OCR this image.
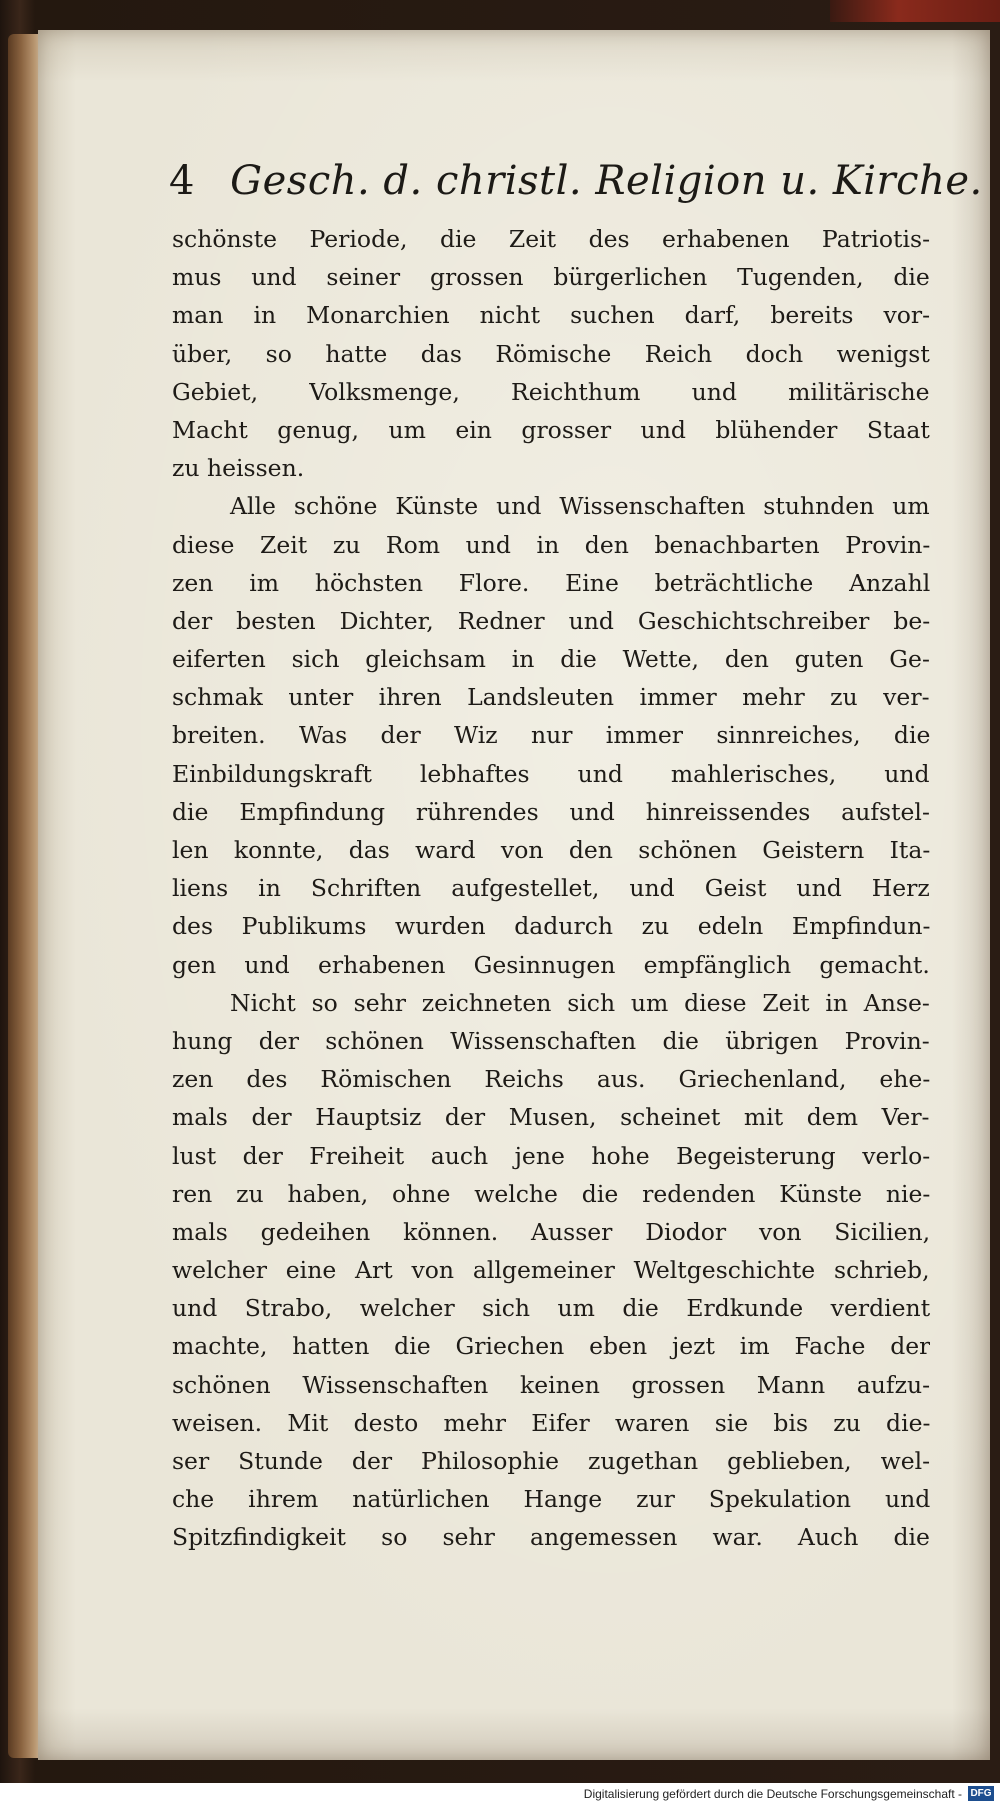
4 Gesch. d. christl. Religion u. Kirche.
schönste Periode, die Zeit des erhabenen Patriotis-
mus und seiner grossen bürgerlichen Tugenden, die
man in Monarchien nicht suchen darf, bereits vor-
über, so hatte das Römische Reich doch wenigst
Gebiet, Volksmenge, Reichthum und militärische
Macht genug, um ein grosser und blühender Staat
zu heissen.
Alle schöne Künste und Wissenschaften stuhnden um
diese Zeit zu Rom und in den benachbarten Provin-
zen im höchsten Flore. Eine beträchtliche Anzahl
der besten Dichter, Redner und Geschichtschreiber be-
eiferten sich gleichsam in die Wette, den guten Ge-
schmak unter ihren Landsleuten immer mehr zu ver-
breiten. Was der Wiz nur immer sinnreiches, die
Einbildungskraft lebhaftes und mahlerisches, und
die Empfindung rührendes und hinreissendes aufstel-
len konnte, das ward von den schönen Geistern Ita-
liens in Schriften aufgestellet, und Geist und Herz
des Publikums wurden dadurch zu edeln Empfindun-
gen und erhabenen Gesinnugen empfänglich gemacht.
Nicht so sehr zeichneten sich um diese Zeit in Anse-
hung der schönen Wissenschaften die übrigen Provin-
zen des Römischen Reichs aus. Griechenland, ehe-
mals der Hauptsiz der Musen, scheinet mit dem Ver-
lust der Freiheit auch jene hohe Begeisterung verlo-
ren zu haben, ohne welche die redenden Künste nie-
mals gedeihen können. Ausser Diodor von Sicilien,
welcher eine Art von allgemeiner Weltgeschichte schrieb,
und Strabo, welcher sich um die Erdkunde verdient
machte, hatten die Griechen eben jezt im Fache der
schönen Wissenschaften keinen grossen Mann aufzu-
weisen. Mit desto mehr Eifer waren sie bis zu die-
ser Stunde der Philosophie zugethan geblieben, wel-
che ihrem natürlichen Hange zur Spekulation und
Spitzfindigkeit so sehr angemessen war. Auch die
Digitalisierung gefördert durch die Deutsche Forschungsgemeinschaft - DFG
